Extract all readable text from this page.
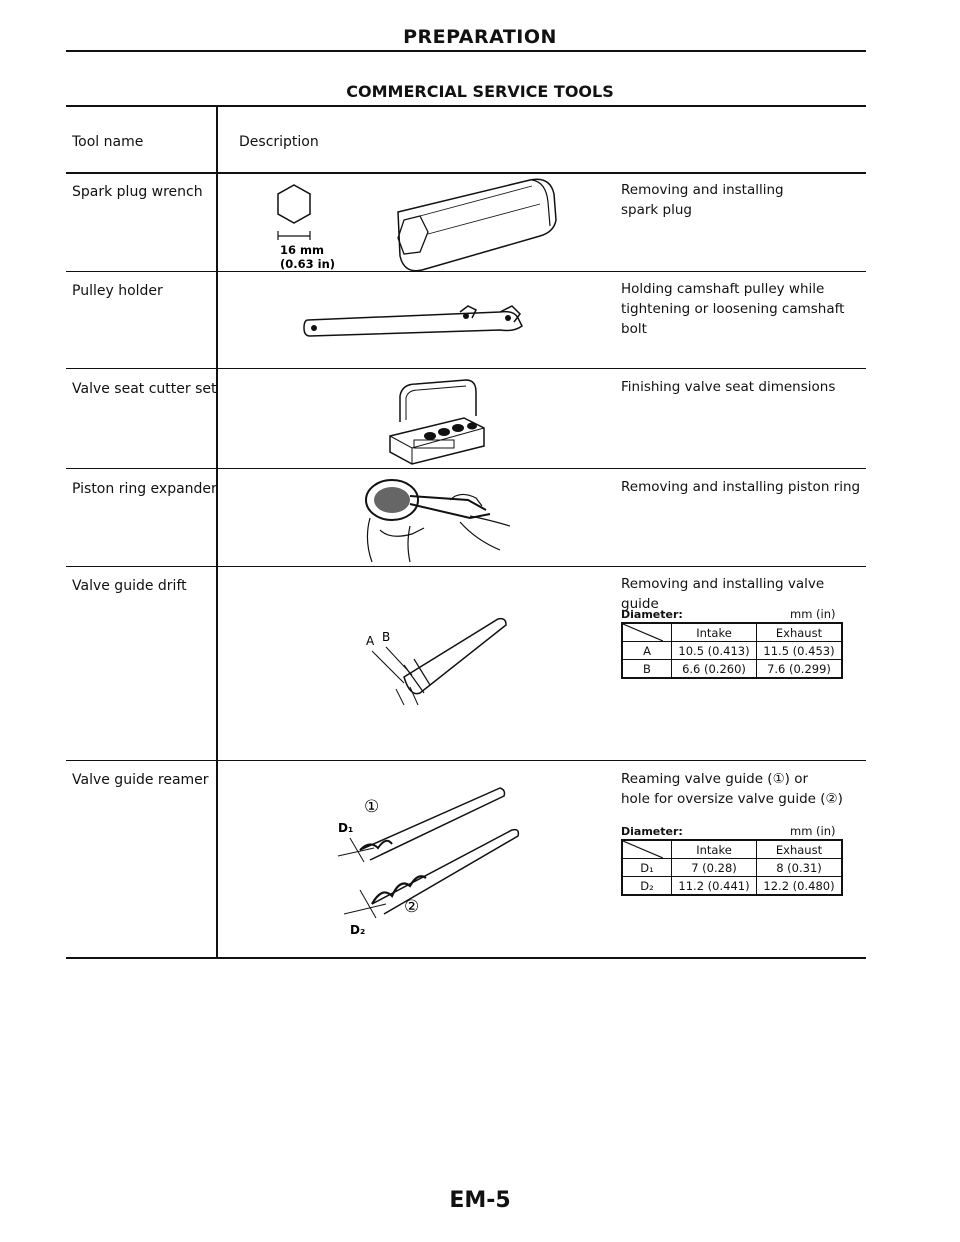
PREPARATION
COMMERCIAL SERVICE TOOLS
Tool name	Description
Spark plug wrench	Removing and installing
spark plug
16 mm
(0.63 in)
Pulley holder	Holding camshaft pulley while
tightening or loosening camshaft
bolt
Valve seat cutter set	Finishing valve seat dimensions
Piston ring expander	Removing and installing piston ring
Valve guide drift	Removing and installing valve guide
Diameter:	mm (in)
	Intake	Exhaust
A	10.5 (0.413)	11.5 (0.453)
B	6.6 (0.260)	7.6 (0.299)
A B
Valve guide reamer	Reaming valve guide (①) or
hole for oversize valve guide (②)
Diameter:	mm (in)
	Intake	Exhaust
D₁	7 (0.28)	8 (0.31)
D₂	11.2 (0.441)	12.2 (0.480)
D₁
①
②
D₂
EM-5
